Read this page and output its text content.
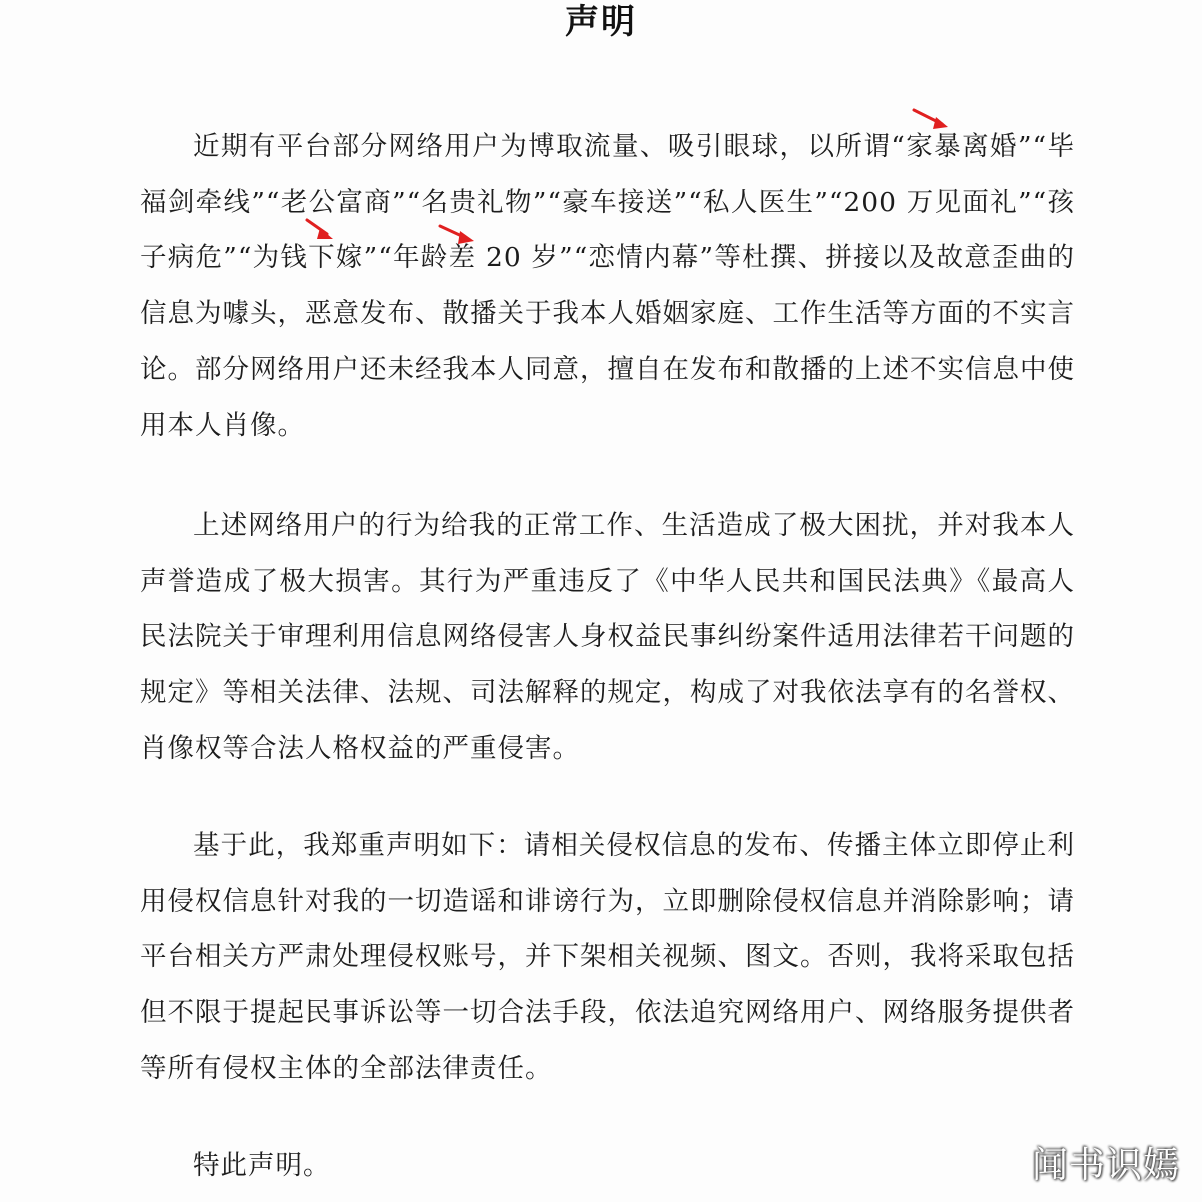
声明

近期有平台部分网络用户为博取流量、吸引眼球，以所谓“家暴离婚”“毕福剑牵线”“老公富商”“名贵礼物”“豪车接送”“私人医生”“200 万见面礼”“孩子病危”“为钱下嫁”“年龄差 20 岁”“恋情内幕”等杜撰、拼接以及故意歪曲的信息为噱头，恶意发布、散播关于我本人婚姻家庭、工作生活等方面的不实言论。部分网络用户还未经我本人同意，擅自在发布和散播的上述不实信息中使用本人肖像。

上述网络用户的行为给我的正常工作、生活造成了极大困扰，并对我本人声誉造成了极大损害。其行为严重违反了《中华人民共和国民法典》《最高人民法院关于审理利用信息网络侵害人身权益民事纠纷案件适用法律若干问题的规定》等相关法律、法规、司法解释的规定，构成了对我依法享有的名誉权、肖像权等合法人格权益的严重侵害。

基于此，我郑重声明如下：请相关侵权信息的发布、传播主体立即停止利用侵权信息针对我的一切造谣和诽谤行为，立即删除侵权信息并消除影响；请平台相关方严肃处理侵权账号，并下架相关视频、图文。否则，我将采取包括但不限于提起民事诉讼等一切合法手段，依法追究网络用户、网络服务提供者等所有侵权主体的全部法律责任。

特此声明。	闻书识嫣
